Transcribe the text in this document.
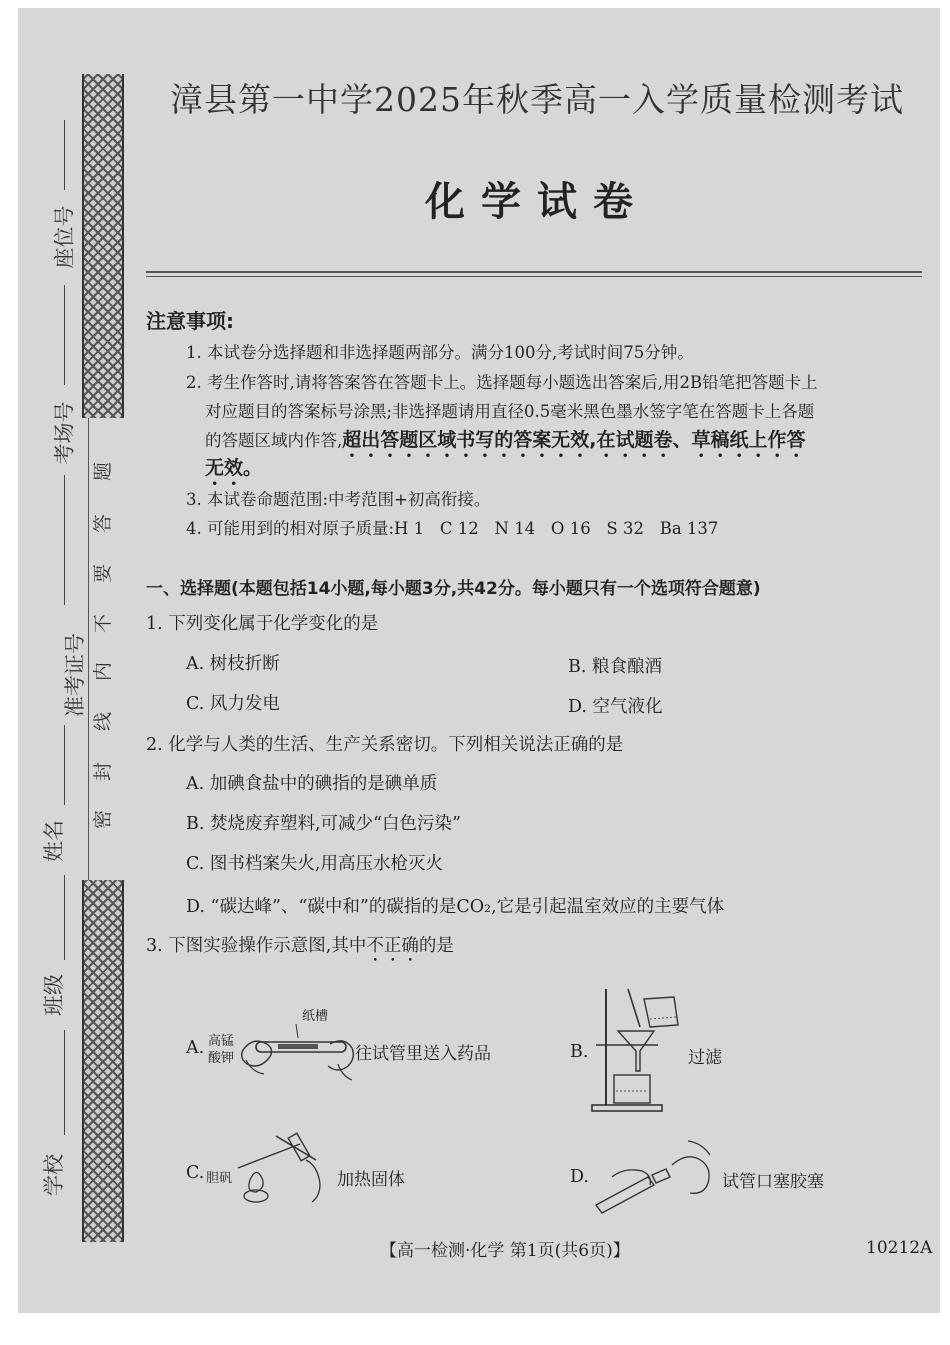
题
答
要
不
内
线
封
密
座位号
考场号
准考证号
姓名
班级
学校
漳县第一中学2025年秋季高一入学质量检测考试
化学试卷
注意事项:
1. 本试卷分选择题和非选择题两部分。满分100分,考试时间75分钟。
2. 考生作答时,请将答案答在答题卡上。选择题每小题选出答案后,用2B铅笔把答题卡上
对应题目的答案标号涂黑;非选择题请用直径0.5毫米黑色墨水签字笔在答题卡上各题
的答题区域内作答,超出答题区域书写的答案无效,在试题卷、草稿纸上作答
无效。
3. 本试卷命题范围:中考范围+初高衔接。
4. 可能用到的相对原子质量:H 1   C 12   N 14   O 16   S 32   Ba 137
一、选择题(本题包括14小题,每小题3分,共42分。每小题只有一个选项符合题意)
1. 下列变化属于化学变化的是
A. 树枝折断	B. 粮食酿酒
C. 风力发电	D. 空气液化
2. 化学与人类的生活、生产关系密切。下列相关说法正确的是
A. 加碘食盐中的碘指的是碘单质
B. 焚烧废弃塑料,可减少“白色污染”
C. 图书档案失火,用高压水枪灭火
D. “碳达峰”、“碳中和”的碳指的是CO₂,它是引起温室效应的主要气体
3. 下图实验操作示意图,其中不正确的是
A. 高锰
酸钾
纸槽
往试管里送入药品	B.	过滤
C. 胆矾	加热固体	D.	试管口塞胶塞
【高一检测·化学 第1页(共6页)】	10212A
